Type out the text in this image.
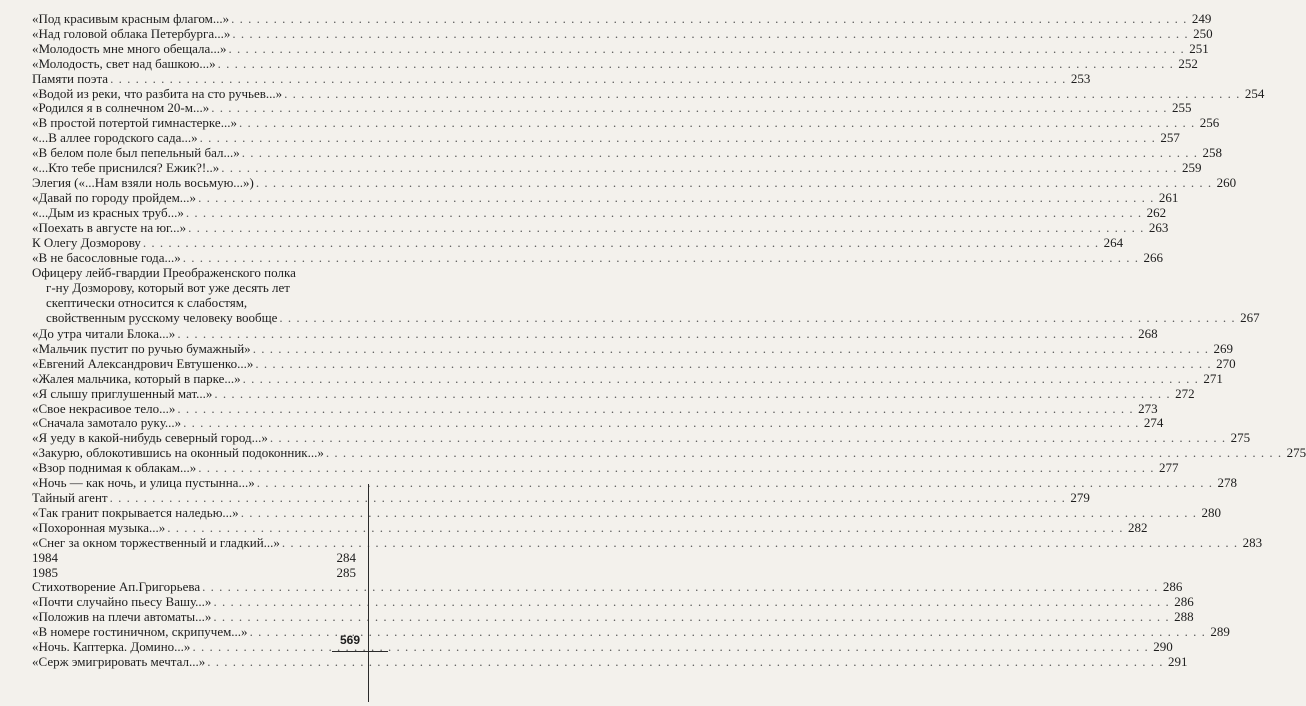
«Под красивым красным флагом...» . . .	249
«Над головой облака Петербурга...» . . .	250
«Молодость мне много обещала...» . . .	251
«Молодость, свет над башкою...» . . .	252
Памяти поэта . . .	253
«Водой из реки, что разбита на сто ручьев...» . . .	254
«Родился я в солнечном 20-м...» . . .	255
«В простой потертой гимнастерке...» . . .	256
«...В аллее городского сада...» . . .	257
«В белом поле был пепельный бал...» . . .	258
«...Кто тебе приснился? Ежик?!..» . . .	259
Элегия («...Нам взяли ноль восьмую...») . . .	260
«Давай по городу пройдем...» . . .	261
«...Дым из красных труб...» . . .	262
«Поехать в августе на юг...» . . .	263
К Олегу Дозморову . . .	264
«В не басословные года...» . . .	266
Офицеру лейб-гвардии Преображенского полка
г-ну Дозморову, который вот уже десять лет
скептически относится к слабостям,
свойственным русскому человеку вообще . . .	267
«До утра читали Блока...» . . .	268
«Мальчик пустит по ручью бумажный» . . .	269
«Евгений Александрович Евтушенко...» . . .	270
«Жалея мальчика, который в парке...» . . .	271
«Я слышу приглушенный мат...» . . .	272
«Свое некрасивое тело...» . . .	273
«Сначала замотало руку...» . . .	274
«Я уеду в какой-нибудь северный город...» . . .	275
«Закурю, облокотившись на оконный подоконник...» . . .	275
«Взор поднимая к облакам...» . . .	277
«Ночь — как ночь, и улица пустынна...» . . .	278
Тайный агент . . .	279
«Так гранит покрывается наледью...» . . .	280
«Похоронная музыка...» . . .	282
«Снег за окном торжественный и гладкий...» . . .	283
1984	284
1985	285
Стихотворение Ап.Григорьева . . .	286
«Почти случайно пьесу Вашу...» . . .	286
«Положив на плечи автоматы...» . . .	288
«В номере гостиничном, скрипучем...» . . .	289
«Ночь. Каптерка. Домино...» . . .	290
«Серж эмигрировать мечтал...» . . .	291
569
